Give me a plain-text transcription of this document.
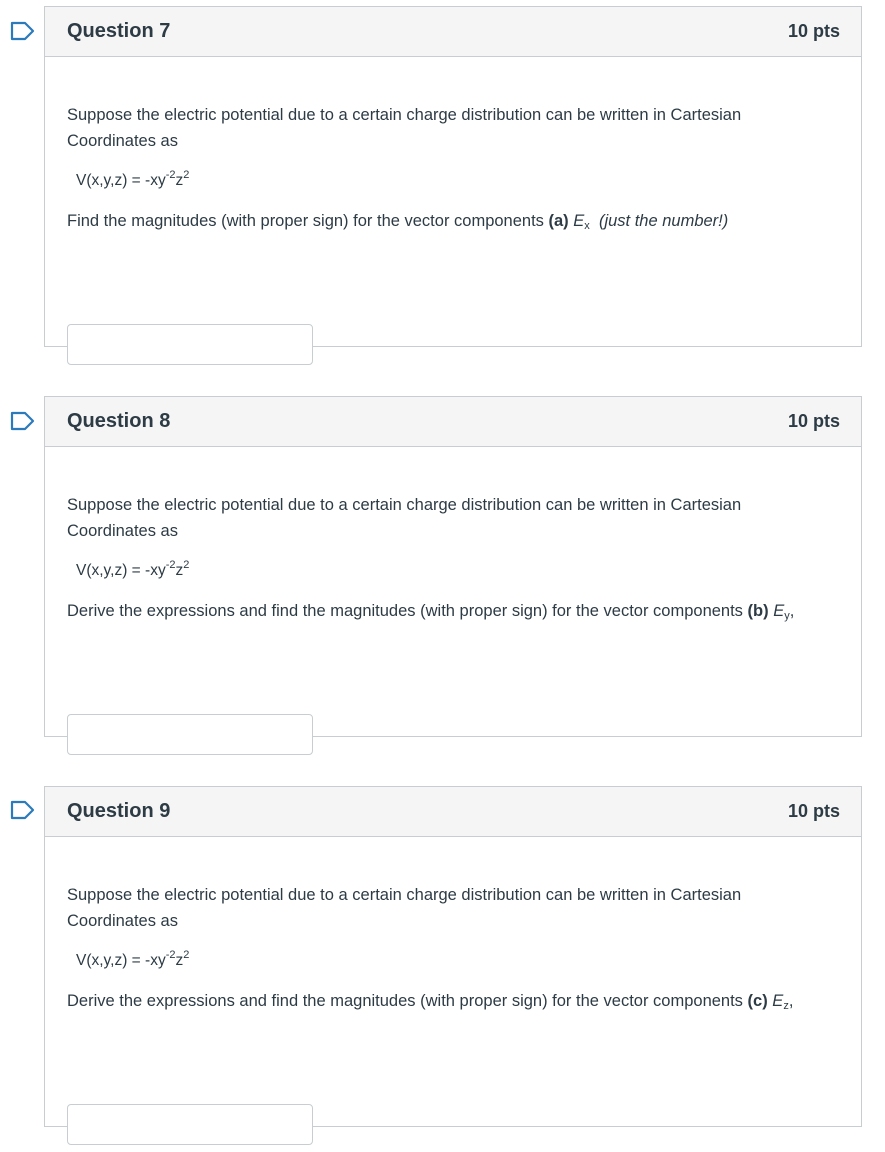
Question 7	10 pts

Suppose the electric potential due to a certain charge distribution can be written in Cartesian Coordinates as

$V(x,y,z) = -xy^{-2}z^2$

Find the magnitudes (with proper sign) for the vector components (a) $E_x$ (just the number!)

Question 8	10 pts

Suppose the electric potential due to a certain charge distribution can be written in Cartesian Coordinates as

$V(x,y,z) = -xy^{-2}z^2$

Derive the expressions and find the magnitudes (with proper sign) for the vector components (b) $E_y$,

Question 9	10 pts

Suppose the electric potential due to a certain charge distribution can be written in Cartesian Coordinates as

$V(x,y,z) = -xy^{-2}z^2$

Derive the expressions and find the magnitudes (with proper sign) for the vector components (c) $E_z$,
